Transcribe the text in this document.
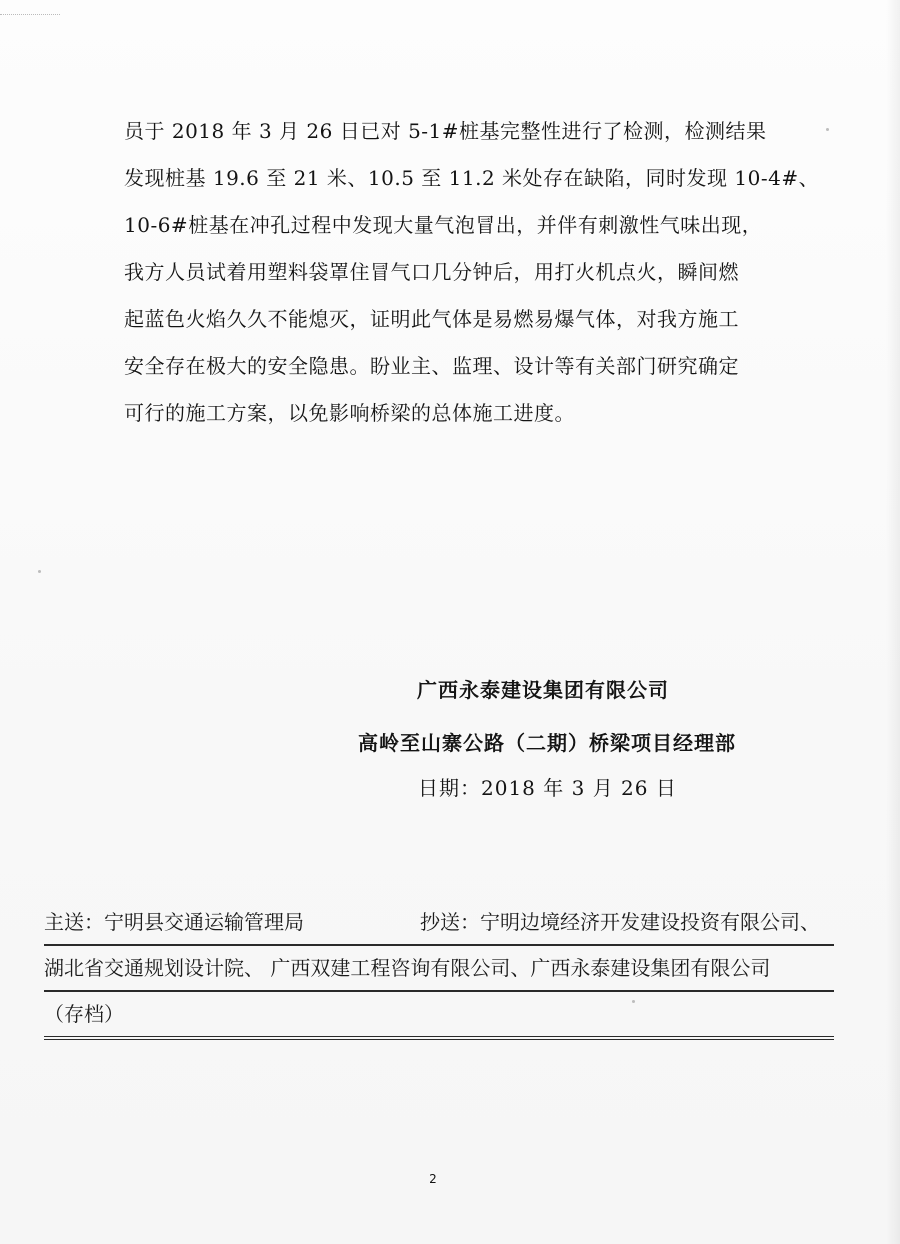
员于 2018 年 3 月 26 日已对 5-1#桩基完整性进行了检测，检测结果
发现桩基 19.6 至 21 米、10.5 至 11.2 米处存在缺陷，同时发现 10-4#、
10-6#桩基在冲孔过程中发现大量气泡冒出，并伴有刺激性气味出现，
我方人员试着用塑料袋罩住冒气口几分钟后，用打火机点火，瞬间燃
起蓝色火焰久久不能熄灭，证明此气体是易燃易爆气体，对我方施工
安全存在极大的安全隐患。盼业主、监理、设计等有关部门研究确定
可行的施工方案，以免影响桥梁的总体施工进度。
广西永泰建设集团有限公司
高岭至山寨公路（二期）桥梁项目经理部
日期：2018 年 3 月 26 日
主送：宁明县交通运输管理局	抄送：宁明边境经济开发建设投资有限公司、
湖北省交通规划设计院、 广西双建工程咨询有限公司、广西永泰建设集团有限公司
（存档）
2
